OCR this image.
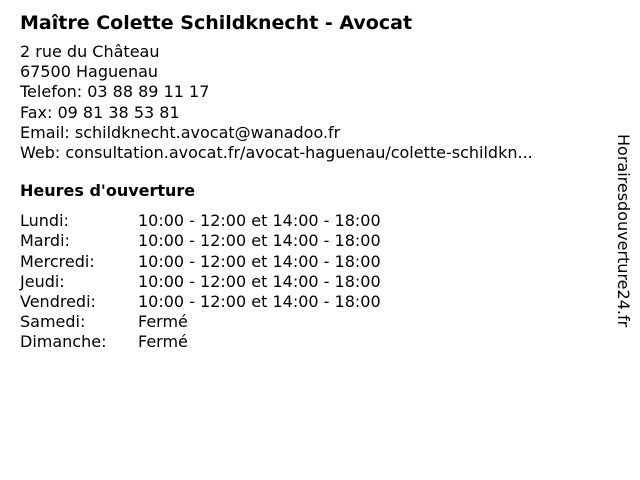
Maître Colette Schildknecht - Avocat
2 rue du Château
67500 Haguenau
Telefon: 03 88 89 11 17
Fax: 09 81 38 53 81
Email: schildknecht.avocat@wanadoo.fr
Web: consultation.avocat.fr/avocat-haguenau/colette-schildkn...
Heures d'ouverture
Lundi:	10:00 - 12:00 et 14:00 - 18:00
Mardi:	10:00 - 12:00 et 14:00 - 18:00
Mercredi:	10:00 - 12:00 et 14:00 - 18:00
Jeudi:	10:00 - 12:00 et 14:00 - 18:00
Vendredi:	10:00 - 12:00 et 14:00 - 18:00
Samedi:	Fermé
Dimanche:	Fermé
Horairesdouverture24.fr
